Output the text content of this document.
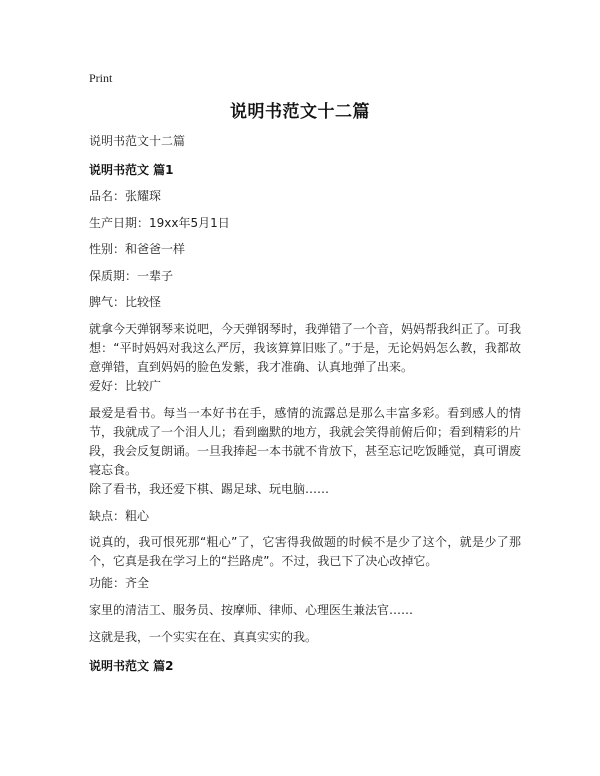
Print
说明书范文十二篇
说明书范文十二篇
说明书范文 篇1
品名：张耀琛
生产日期：19xx年5月1日
性别：和爸爸一样
保质期：一辈子
脾气：比较怪
就拿今天弹钢琴来说吧，今天弹钢琴时，我弹错了一个音，妈妈帮我纠正了。可我想：“平时妈妈对我这么严厉，我该算算旧账了。”于是，无论妈妈怎么教，我都故意弹错，直到妈妈的脸色发紫，我才准确、认真地弹了出来。
爱好：比较广
最爱是看书。每当一本好书在手，感情的流露总是那么丰富多彩。看到感人的情节，我就成了一个泪人儿；看到幽默的地方，我就会笑得前俯后仰；看到精彩的片段，我会反复朗诵。一旦我捧起一本书就不肯放下，甚至忘记吃饭睡觉，真可谓废寝忘食。
除了看书，我还爱下棋、踢足球、玩电脑……
缺点：粗心
说真的，我可恨死那“粗心”了，它害得我做题的时候不是少了这个，就是少了那个，它真是我在学习上的“拦路虎”。不过，我已下了决心改掉它。
功能：齐全
家里的清洁工、服务员、按摩师、律师、心理医生兼法官……
这就是我，一个实实在在、真真实实的我。
说明书范文 篇2
